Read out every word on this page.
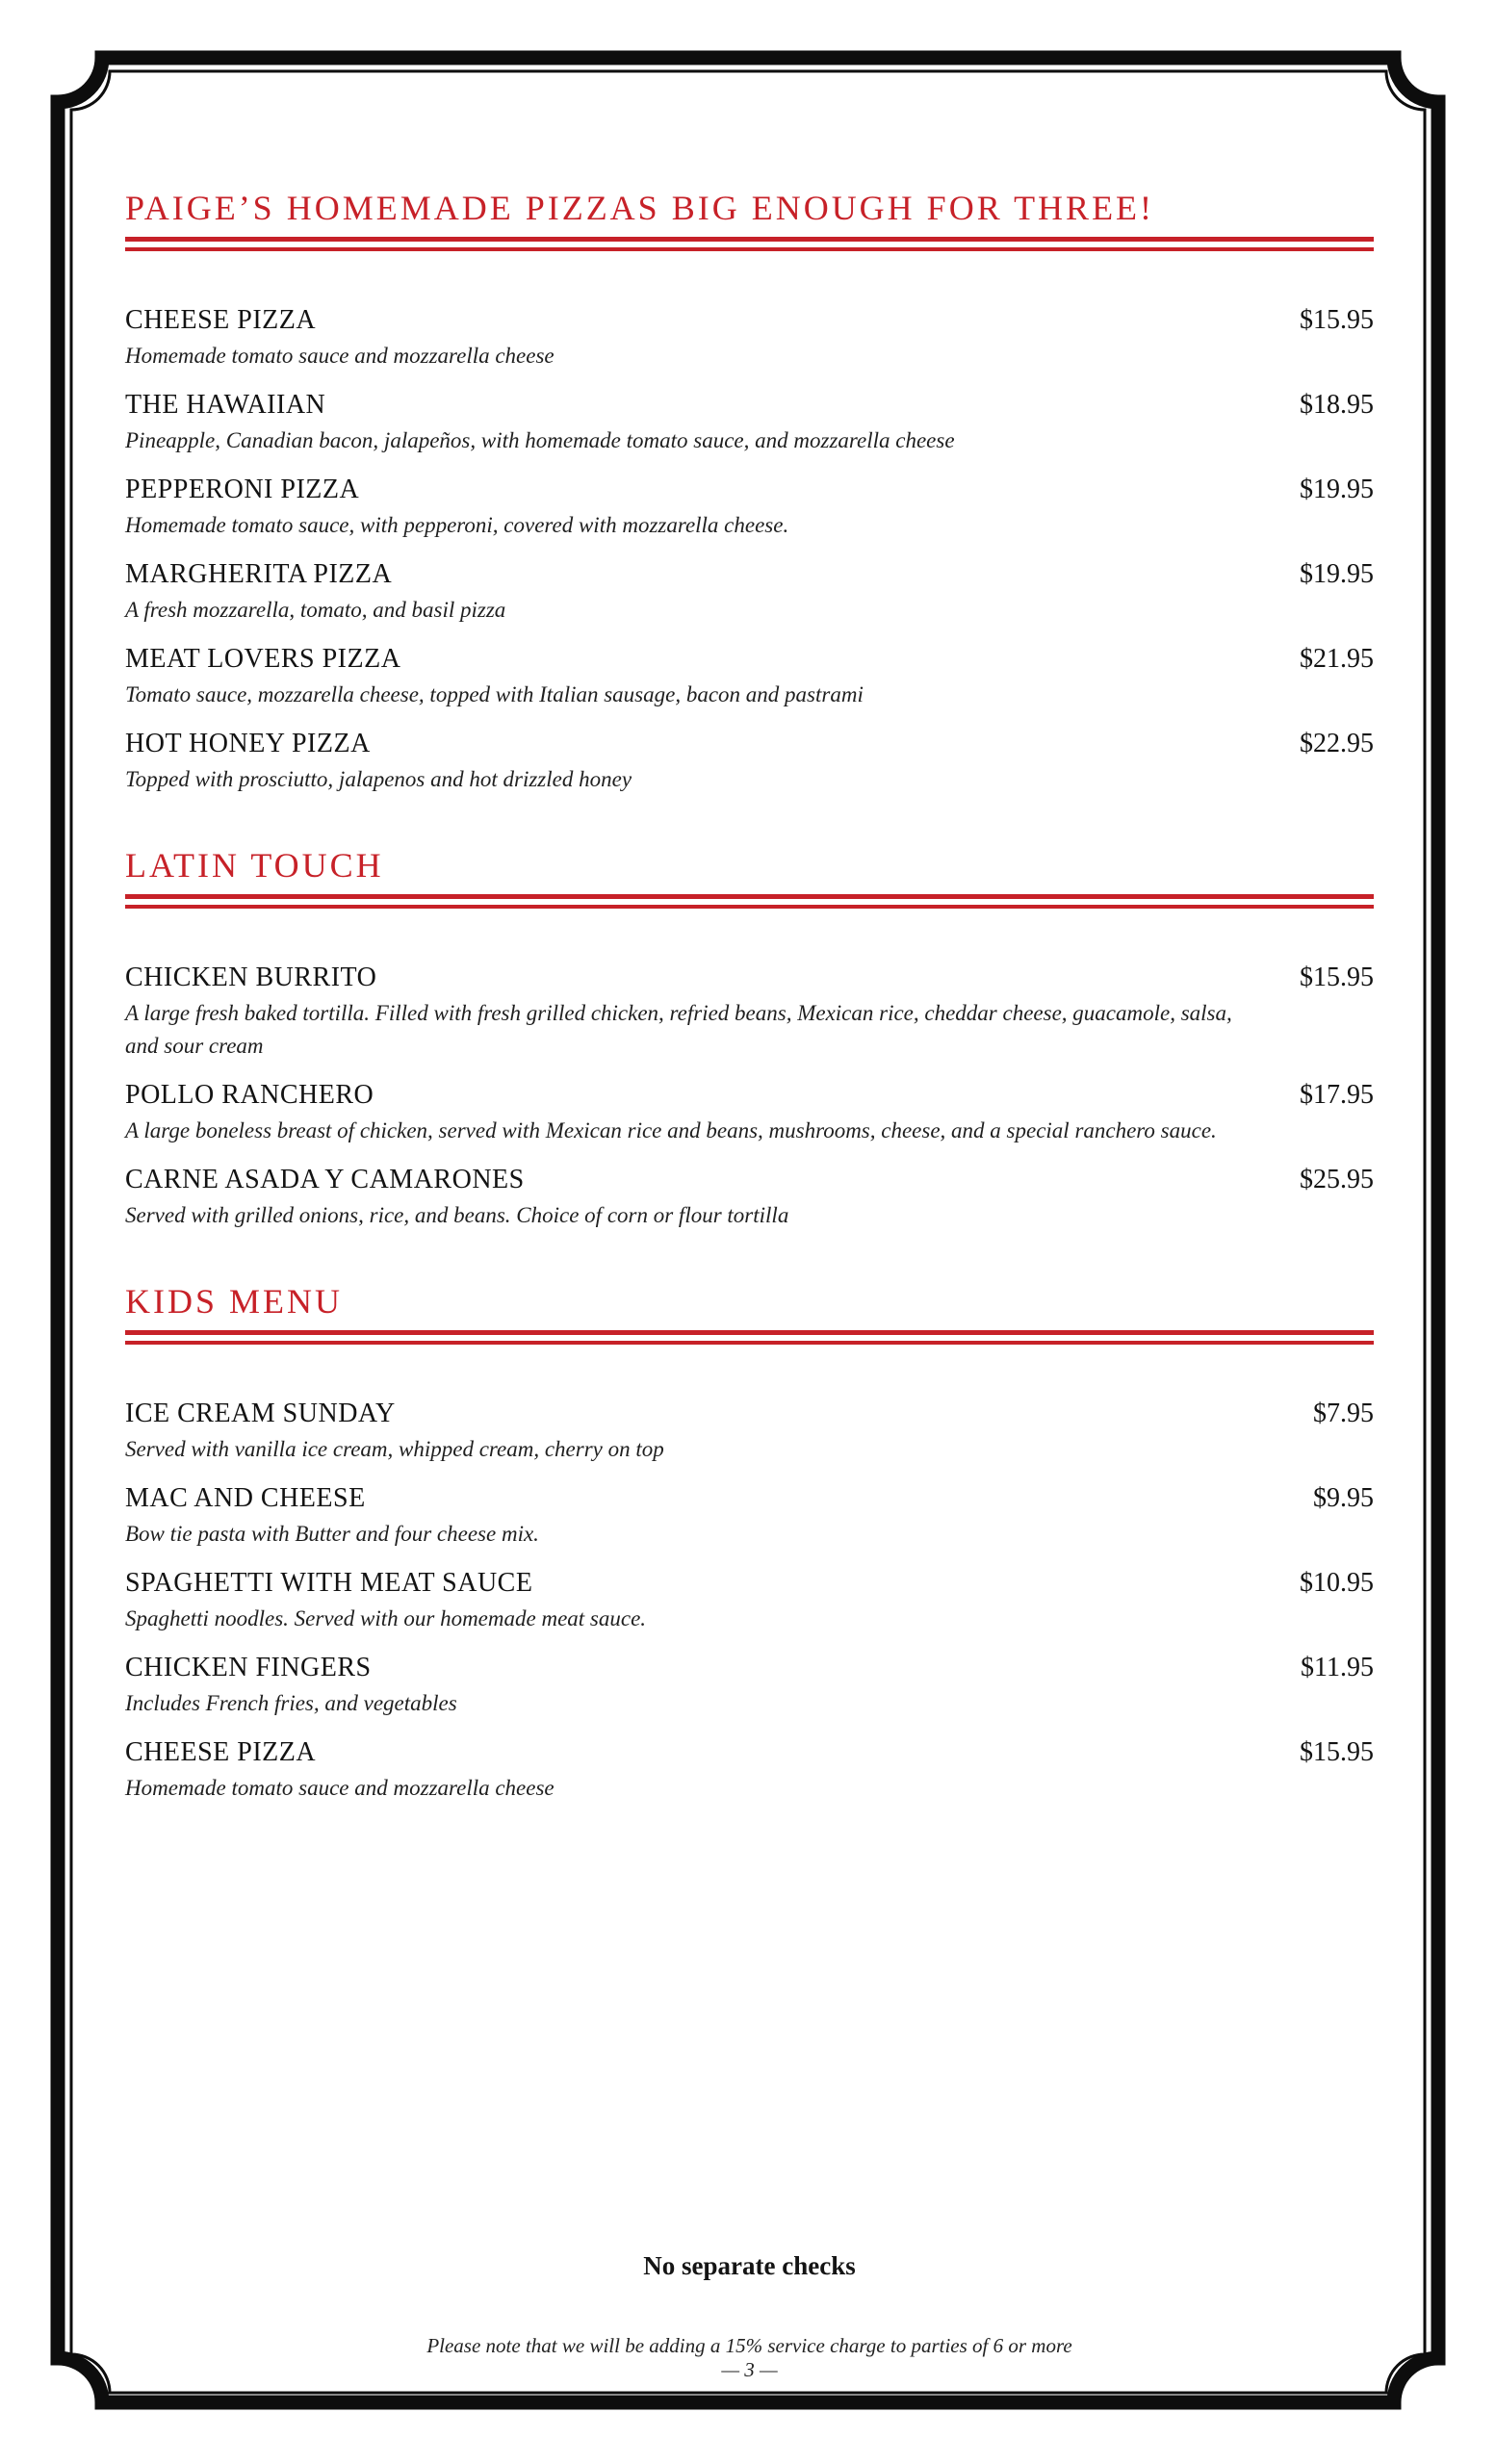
PAIGE’S HOMEMADE PIZZAS BIG ENOUGH FOR THREE!
CHEESE PIZZA	$15.95
Homemade tomato sauce and mozzarella cheese
THE HAWAIIAN	$18.95
Pineapple, Canadian bacon, jalapeños, with homemade tomato sauce, and mozzarella cheese
PEPPERONI PIZZA	$19.95
Homemade tomato sauce, with pepperoni, covered with mozzarella cheese.
MARGHERITA PIZZA	$19.95
A fresh mozzarella, tomato, and basil pizza
MEAT LOVERS PIZZA	$21.95
Tomato sauce, mozzarella cheese, topped with Italian sausage, bacon and pastrami
HOT HONEY PIZZA	$22.95
Topped with prosciutto, jalapenos and hot drizzled honey
LATIN TOUCH
CHICKEN BURRITO	$15.95
A large fresh baked tortilla. Filled with fresh grilled chicken, refried beans, Mexican rice, cheddar cheese, guacamole, salsa, and sour cream
POLLO RANCHERO	$17.95
A large boneless breast of chicken, served with Mexican rice and beans, mushrooms, cheese, and a special ranchero sauce.
CARNE ASADA Y CAMARONES	$25.95
Served with grilled onions, rice, and beans. Choice of corn or flour tortilla
KIDS MENU
ICE CREAM SUNDAY	$7.95
Served with vanilla ice cream, whipped cream, cherry on top
MAC AND CHEESE	$9.95
Bow tie pasta with Butter and four cheese mix.
SPAGHETTI WITH MEAT SAUCE	$10.95
Spaghetti noodles. Served with our homemade meat sauce.
CHICKEN FINGERS	$11.95
Includes French fries, and vegetables
CHEESE PIZZA	$15.95
Homemade tomato sauce and mozzarella cheese
No separate checks
Please note that we will be adding a 15% service charge to parties of 6 or more
— 3 —
